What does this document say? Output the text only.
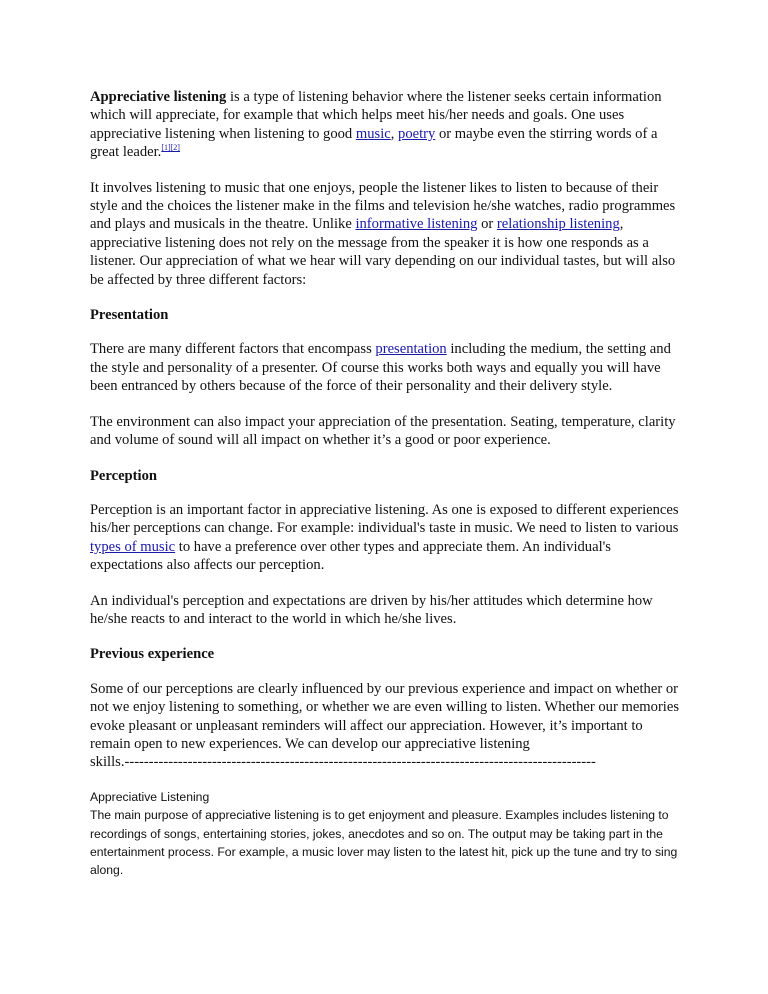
Appreciative listening is a type of listening behavior where the listener seeks certain information which will appreciate, for example that which helps meet his/her needs and goals. One uses appreciative listening when listening to good music, poetry or maybe even the stirring words of a great leader.[1][2]

It involves listening to music that one enjoys, people the listener likes to listen to because of their style and the choices the listener make in the films and television he/she watches, radio programmes and plays and musicals in the theatre. Unlike informative listening or relationship listening, appreciative listening does not rely on the message from the speaker it is how one responds as a listener. Our appreciation of what we hear will vary depending on our individual tastes, but will also be affected by three different factors:

Presentation

There are many different factors that encompass presentation including the medium, the setting and the style and personality of a presenter. Of course this works both ways and equally you will have been entranced by others because of the force of their personality and their delivery style.

The environment can also impact your appreciation of the presentation. Seating, temperature, clarity and volume of sound will all impact on whether it’s a good or poor experience.

Perception

Perception is an important factor in appreciative listening. As one is exposed to different experiences his/her perceptions can change. For example: individual's taste in music. We need to listen to various types of music to have a preference over other types and appreciate them. An individual's expectations also affects our perception.

An individual's perception and expectations are driven by his/her attitudes which determine how he/she reacts to and interact to the world in which he/she lives.

Previous experience

Some of our perceptions are clearly influenced by our previous experience and impact on whether or not we enjoy listening to something, or whether we are even willing to listen. Whether our memories evoke pleasant or unpleasant reminders will affect our appreciation. However, it’s important to remain open to new experiences. We can develop our appreciative listening skills.-------------------------------------------------------------------------------------------------

Appreciative Listening

The main purpose of appreciative listening is to get enjoyment and pleasure. Examples includes listening to recordings of songs, entertaining stories, jokes, anecdotes and so on. The output may be taking part in the entertainment process. For example, a music lover may listen to the latest hit, pick up the tune and try to sing along.
